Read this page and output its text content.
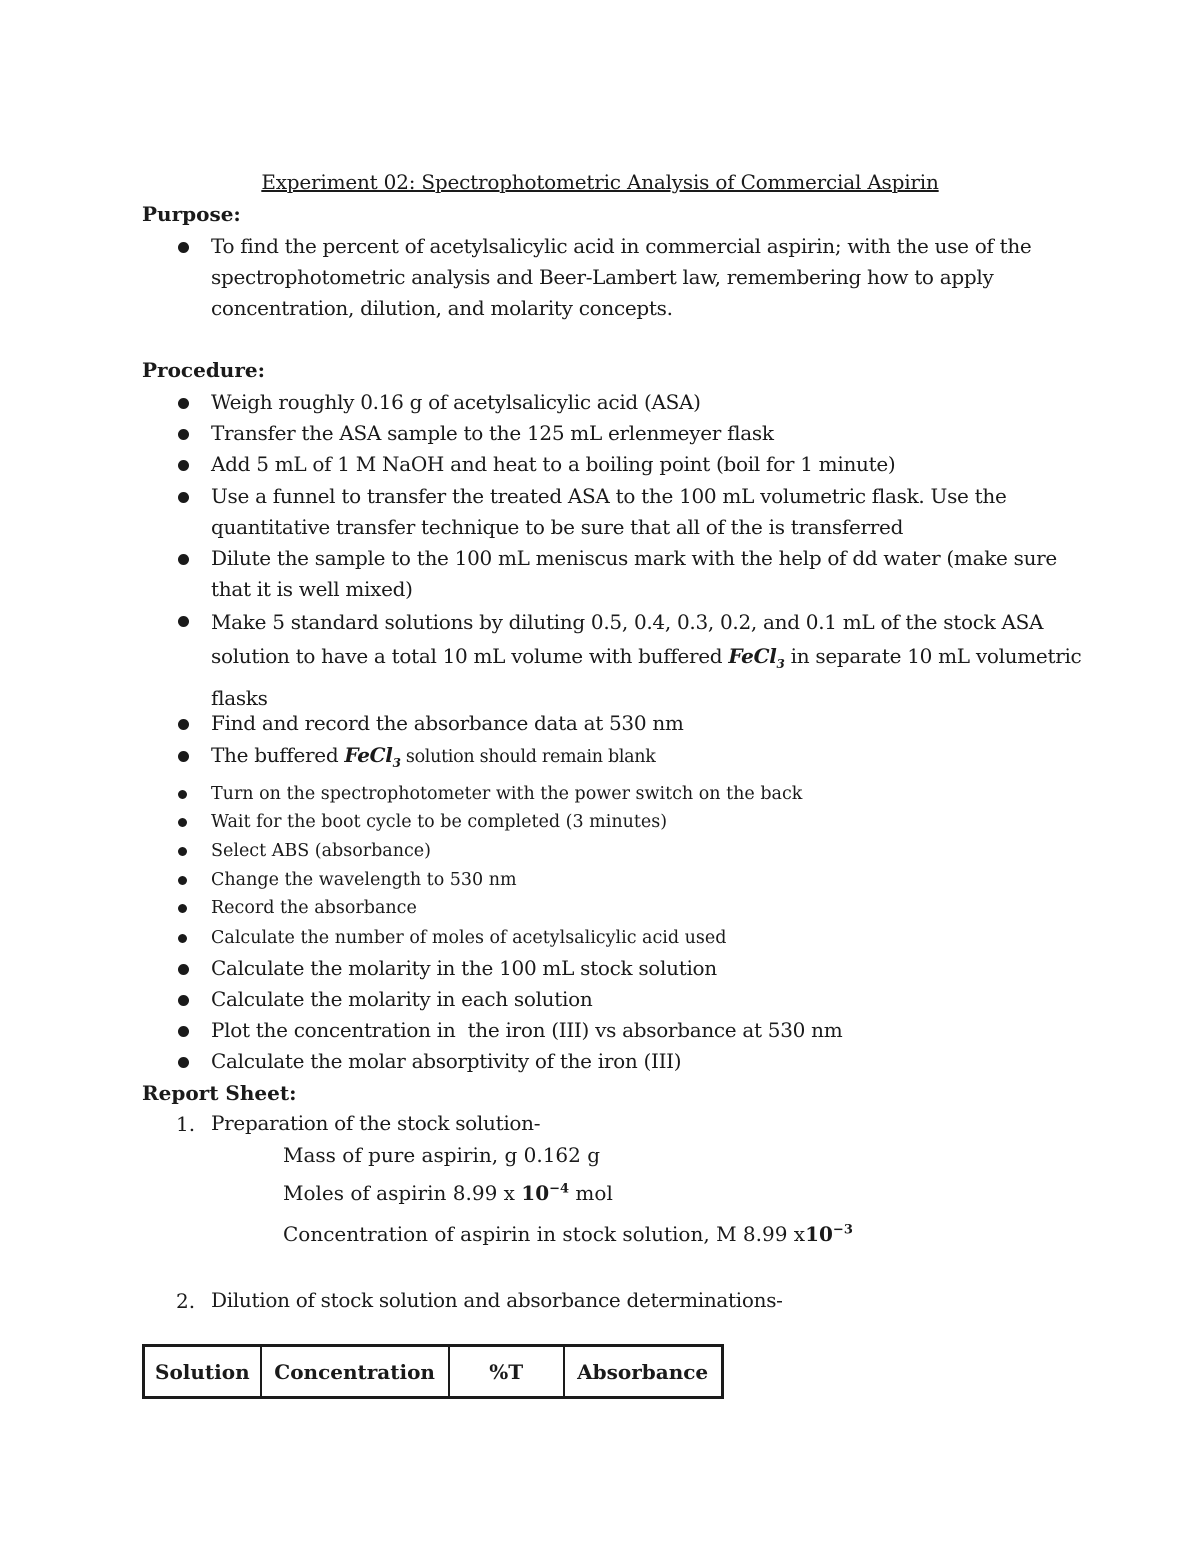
Experiment 02: Spectrophotometric Analysis of Commercial Aspirin
Purpose:
To find the percent of acetylsalicylic acid in commercial aspirin; with the use of the spectrophotometric analysis and Beer-Lambert law, remembering how to apply concentration, dilution, and molarity concepts.
Procedure:
Weigh roughly 0.16 g of acetylsalicylic acid (ASA)
Transfer the ASA sample to the 125 mL erlenmeyer flask
Add 5 mL of 1 M NaOH and heat to a boiling point (boil for 1 minute)
Use a funnel to transfer the treated ASA to the 100 mL volumetric flask. Use the quantitative transfer technique to be sure that all of the is transferred
Dilute the sample to the 100 mL meniscus mark with the help of dd water (make sure that it is well mixed)
Make 5 standard solutions by diluting 0.5, 0.4, 0.3, 0.2, and 0.1 mL of the stock ASA solution to have a total 10 mL volume with buffered FeCl$_3$ in separate 10 mL volumetric flasks
Find and record the absorbance data at 530 nm
The buffered FeCl$_3$ solution should remain blank
Turn on the spectrophotometer with the power switch on the back
Wait for the boot cycle to be completed (3 minutes)
Select ABS (absorbance)
Change the wavelength to 530 nm
Record the absorbance
Calculate the number of moles of acetylsalicylic acid used
Calculate the molarity in the 100 mL stock solution
Calculate the molarity in each solution
Plot the concentration in  the iron (III) vs absorbance at 530 nm
Calculate the molar absorptivity of the iron (III)
Report Sheet:
1. Preparation of the stock solution-
Mass of pure aspirin, g 0.162 g
Moles of aspirin 8.99 x $10^{-4}$ mol
Concentration of aspirin in stock solution, M 8.99 $x10^{-3}$
2. Dilution of stock solution and absorbance determinations-
Solution	Concentration	%T	Absorbance
